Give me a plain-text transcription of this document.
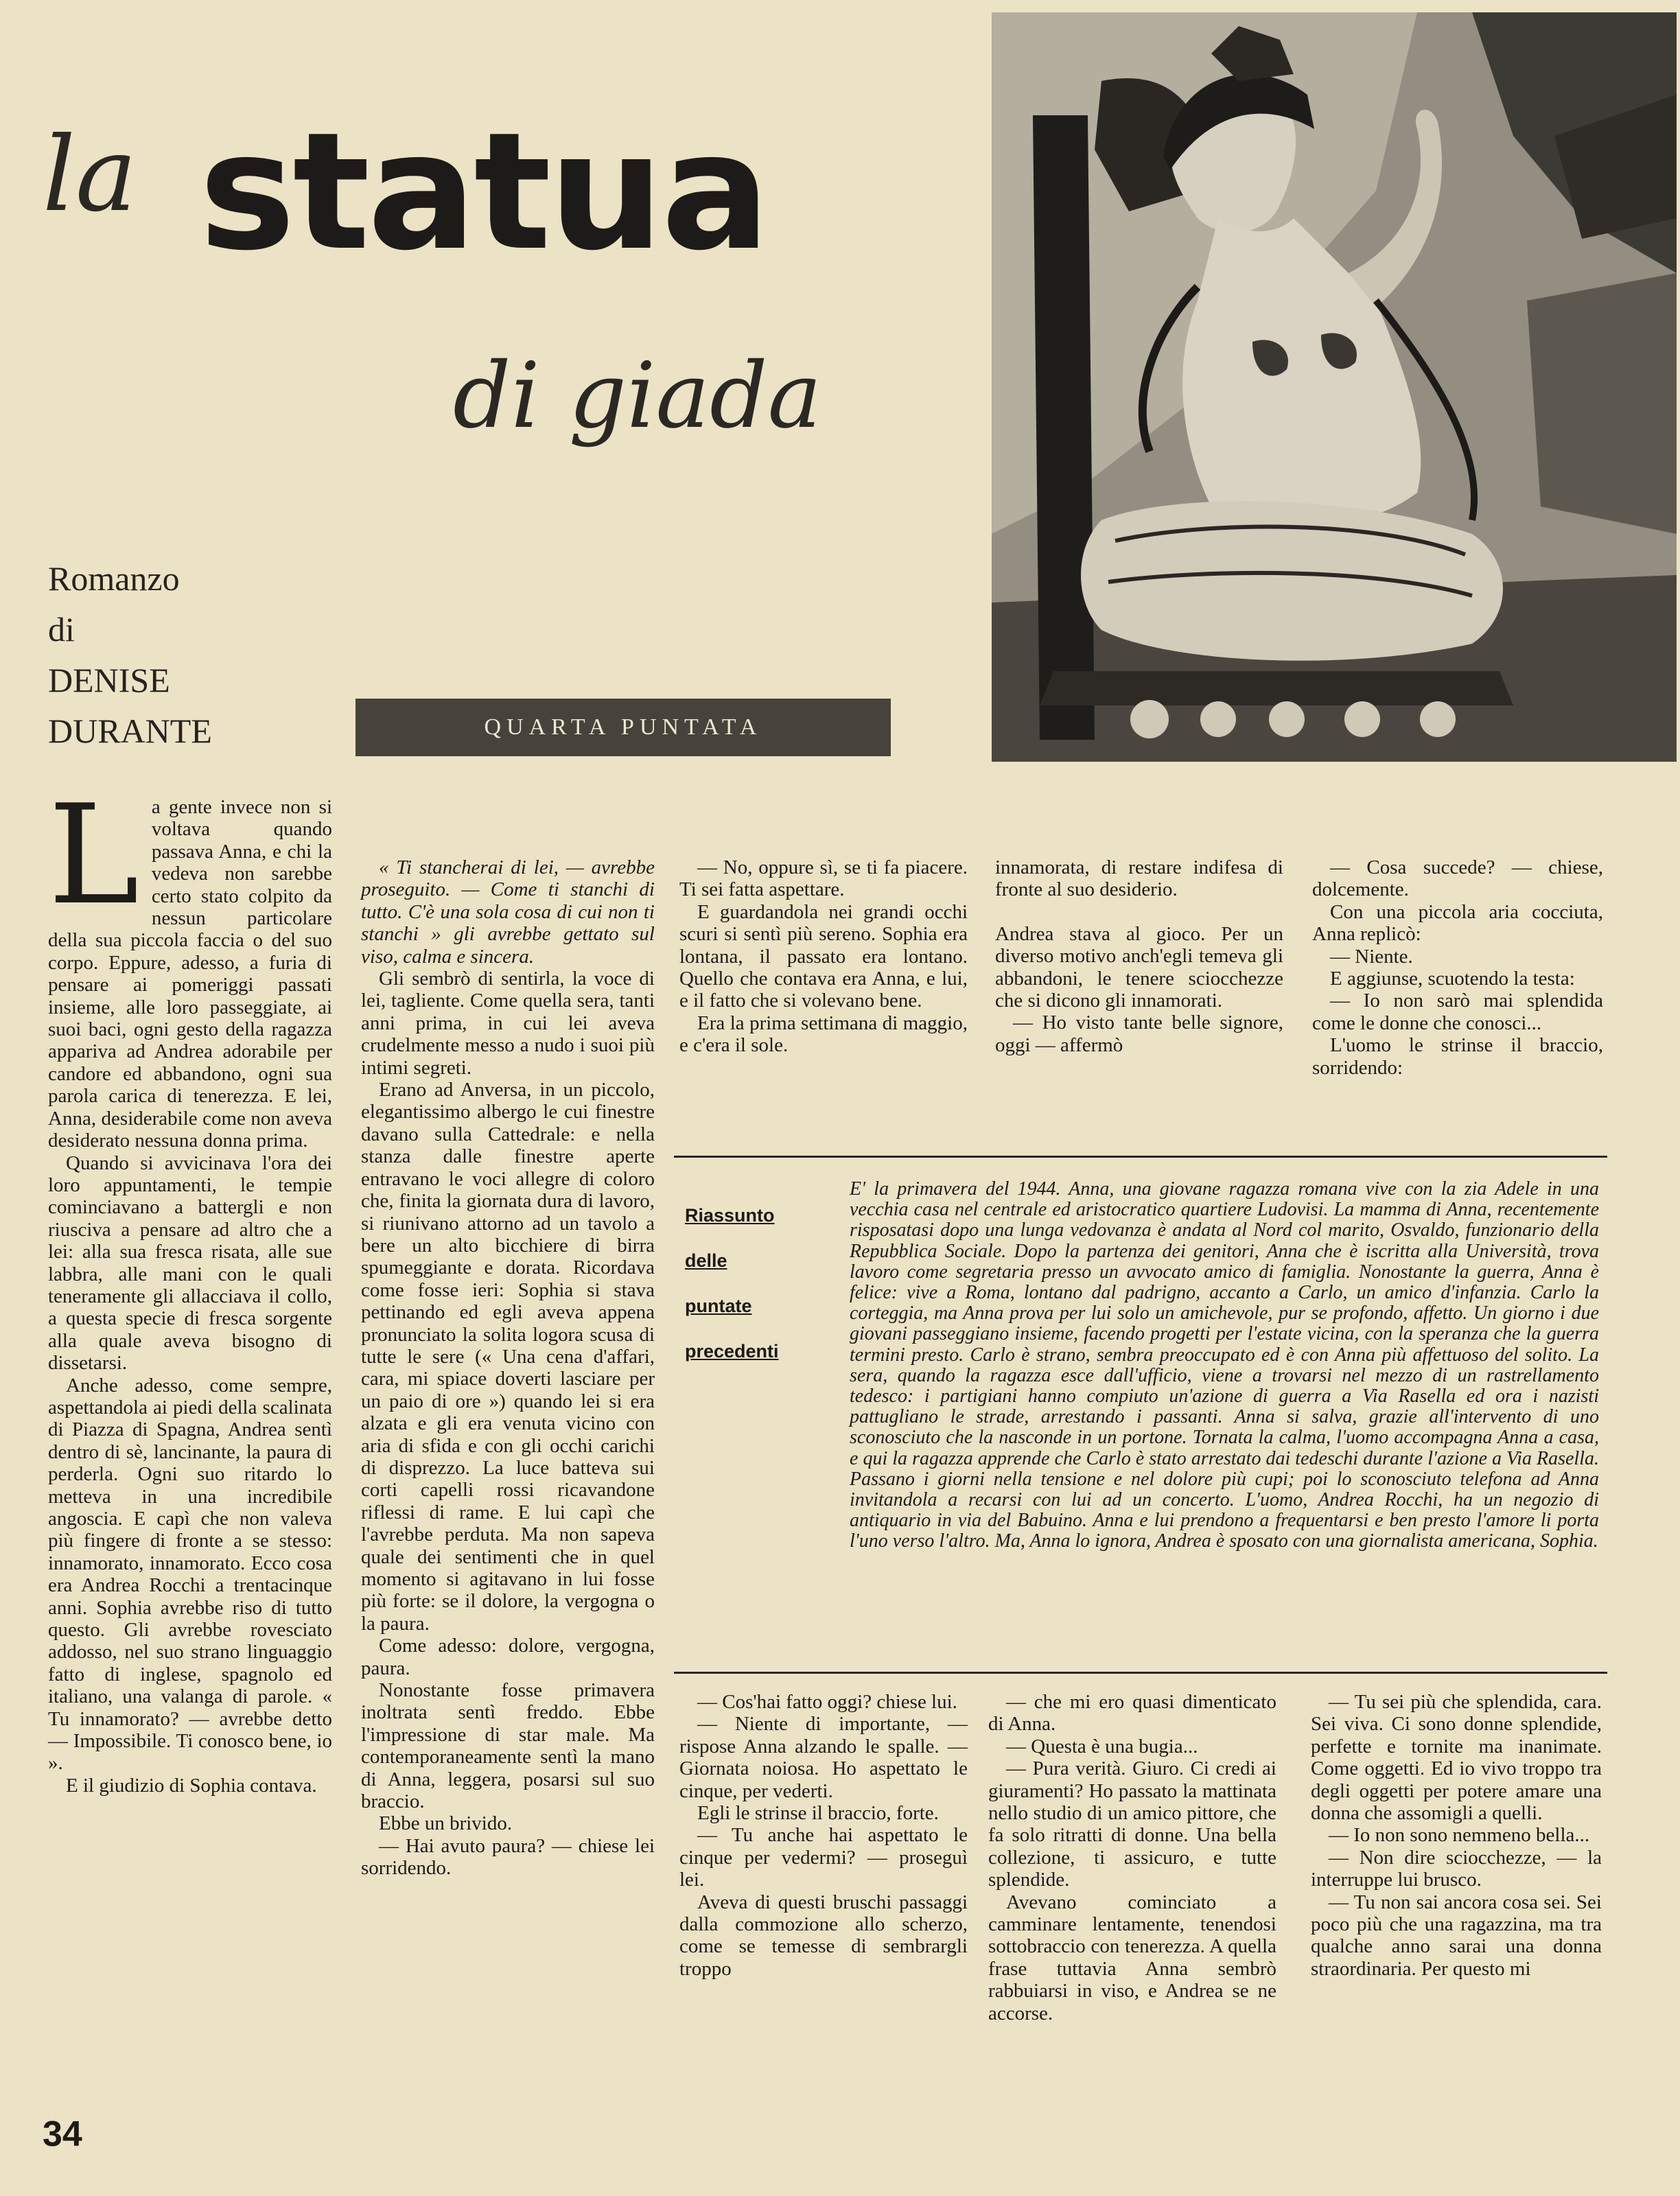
la statua
di giada
Romanzo
di
DENISE
DURANTE	QUARTA PUNTATA
L a gente invece non si voltava quando passava Anna, e chi la vedeva non sarebbe certo stato colpito da nessun particolare della sua piccola faccia o del suo corpo. Eppure, adesso, a furia di pensare ai pomeriggi passati insieme, alle loro passeggiate, ai suoi baci, ogni gesto della ragazza appariva ad Andrea adorabile per candore ed abbandono, ogni sua parola carica di tenerezza. E lei, Anna, desiderabile come non aveva desiderato nessuna donna prima.

Quando si avvicinava l'ora dei loro appuntamenti, le tempie cominciavano a battergli e non riusciva a pensare ad altro che a lei: alla sua fresca risata, alle sue labbra, alle mani con le quali teneramente gli allacciava il collo, a questa specie di fresca sorgente alla quale aveva bisogno di dissetarsi.

Anche adesso, come sempre, aspettandola ai piedi della scalinata di Piazza di Spagna, Andrea sentì dentro di sè, lancinante, la paura di perderla. Ogni suo ritardo lo metteva in una incredibile angoscia. E capì che non valeva più fingere di fronte a se stesso: innamorato, innamorato. Ecco cosa era Andrea Rocchi a trentacinque anni. Sophia avrebbe riso di tutto questo. Gli avrebbe rovesciato addosso, nel suo strano linguaggio fatto di inglese, spagnolo ed italiano, una valanga di parole. « Tu innamorato? — avrebbe detto — Impossibile. Ti conosco bene, io ».

E il giudizio di Sophia contava.

« Ti stancherai di lei, — avrebbe proseguito. — Come ti stanchi di tutto. C'è una sola cosa di cui non ti stanchi » gli avrebbe gettato sul viso, calma e sincera.

Gli sembrò di sentirla, la voce di lei, tagliente. Come quella sera, tanti anni prima, in cui lei aveva crudelmente messo a nudo i suoi più intimi segreti.

Erano ad Anversa, in un piccolo, elegantissimo albergo le cui finestre davano sulla Cattedrale: e nella stanza dalle finestre aperte entravano le voci allegre di coloro che, finita la giornata dura di lavoro, si riunivano attorno ad un tavolo a bere un alto bicchiere di birra spumeggiante e dorata. Ricordava come fosse ieri: Sophia si stava pettinando ed egli aveva appena pronunciato la solita logora scusa di tutte le sere (« Una cena d'affari, cara, mi spiace doverti lasciare per un paio di ore ») quando lei si era alzata e gli era venuta vicino con aria di sfida e con gli occhi carichi di disprezzo. La luce batteva sui corti capelli rossi ricavandone riflessi di rame. E lui capì che l'avrebbe perduta. Ma non sapeva quale dei sentimenti che in quel momento si agitavano in lui fosse più forte: se il dolore, la vergogna o la paura.

Come adesso: dolore, vergogna, paura.

Nonostante fosse primavera inoltrata sentì freddo. Ebbe l'impressione di star male. Ma contemporaneamente sentì la mano di Anna, leggera, posarsi sul suo braccio.

Ebbe un brivido.

— Hai avuto paura? — chiese lei sorridendo.

— No, oppure sì, se ti fa piacere. Ti sei fatta aspettare.

E guardandola nei grandi occhi scuri si sentì più sereno. Sophia era lontana, il passato era lontano. Quello che contava era Anna, e lui, e il fatto che si volevano bene.

Era la prima settimana di maggio, e c'era il sole.

innamorata, di restare indifesa di fronte al suo desiderio.

Andrea stava al gioco. Per un diverso motivo anch'egli temeva gli abbandoni, le tenere sciocchezze che si dicono gli innamorati.

— Ho visto tante belle signore, oggi — affermò

— Cosa succede? — chiese, dolcemente.

Con una piccola aria cocciuta, Anna replicò:

— Niente.

E aggiunse, scuotendo la testa:

— Io non sarò mai splendida come le donne che conosci...

L'uomo le strinse il braccio, sorridendo:

Riassunto
delle
puntate
precedenti
E' la primavera del 1944. Anna, una giovane ragazza romana vive con la zia Adele in una vecchia casa nel centrale ed aristocratico quartiere Ludovisi. La mamma di Anna, recentemente risposatasi dopo una lunga vedovanza è andata al Nord col marito, Osvaldo, funzionario della Repubblica Sociale. Dopo la partenza dei genitori, Anna che è iscritta alla Università, trova lavoro come segretaria presso un avvocato amico di famiglia. Nonostante la guerra, Anna è felice: vive a Roma, lontano dal padrigno, accanto a Carlo, un amico d'infanzia. Carlo la corteggia, ma Anna prova per lui solo un amichevole, pur se profondo, affetto. Un giorno i due giovani passeggiano insieme, facendo progetti per l'estate vicina, con la speranza che la guerra termini presto. Carlo è strano, sembra preoccupato ed è con Anna più affettuoso del solito. La sera, quando la ragazza esce dall'ufficio, viene a trovarsi nel mezzo di un rastrellamento tedesco: i partigiani hanno compiuto un'azione di guerra a Via Rasella ed ora i nazisti pattugliano le strade, arrestando i passanti. Anna si salva, grazie all'intervento di uno sconosciuto che la nasconde in un portone. Tornata la calma, l'uomo accompagna Anna a casa, e qui la ragazza apprende che Carlo è stato arrestato dai tedeschi durante l'azione a Via Rasella. Passano i giorni nella tensione e nel dolore più cupi; poi lo sconosciuto telefona ad Anna invitandola a recarsi con lui ad un concerto. L'uomo, Andrea Rocchi, ha un negozio di antiquario in via del Babuino. Anna e lui prendono a frequentarsi e ben presto l'amore li porta l'uno verso l'altro. Ma, Anna lo ignora, Andrea è sposato con una giornalista americana, Sophia.

— Cos'hai fatto oggi? chiese lui.

— Niente di importante, — rispose Anna alzando le spalle. — Giornata noiosa. Ho aspettato le cinque, per vederti.

Egli le strinse il braccio, forte.

— Tu anche hai aspettato le cinque per vedermi? — proseguì lei.

Aveva di questi bruschi passaggi dalla commozione allo scherzo, come se temesse di sembrargli troppo

— che mi ero quasi dimenticato di Anna.

— Questa è una bugia...

— Pura verità. Giuro. Ci credi ai giuramenti? Ho passato la mattinata nello studio di un amico pittore, che fa solo ritratti di donne. Una bella collezione, ti assicuro, e tutte splendide.

Avevano cominciato a camminare lentamente, tenendosi sottobraccio con tenerezza. A quella frase tuttavia Anna sembrò rabbuiarsi in viso, e Andrea se ne accorse.

— Tu sei più che splendida, cara. Sei viva. Ci sono donne splendide, perfette e tornite ma inanimate. Come oggetti. Ed io vivo troppo tra degli oggetti per potere amare una donna che assomigli a quelli.

— Io non sono nemmeno bella...

— Non dire sciocchezze, — la interruppe lui brusco.

— Tu non sai ancora cosa sei. Sei poco più che una ragazzina, ma tra qualche anno sarai una donna straordinaria. Per questo mi

34
